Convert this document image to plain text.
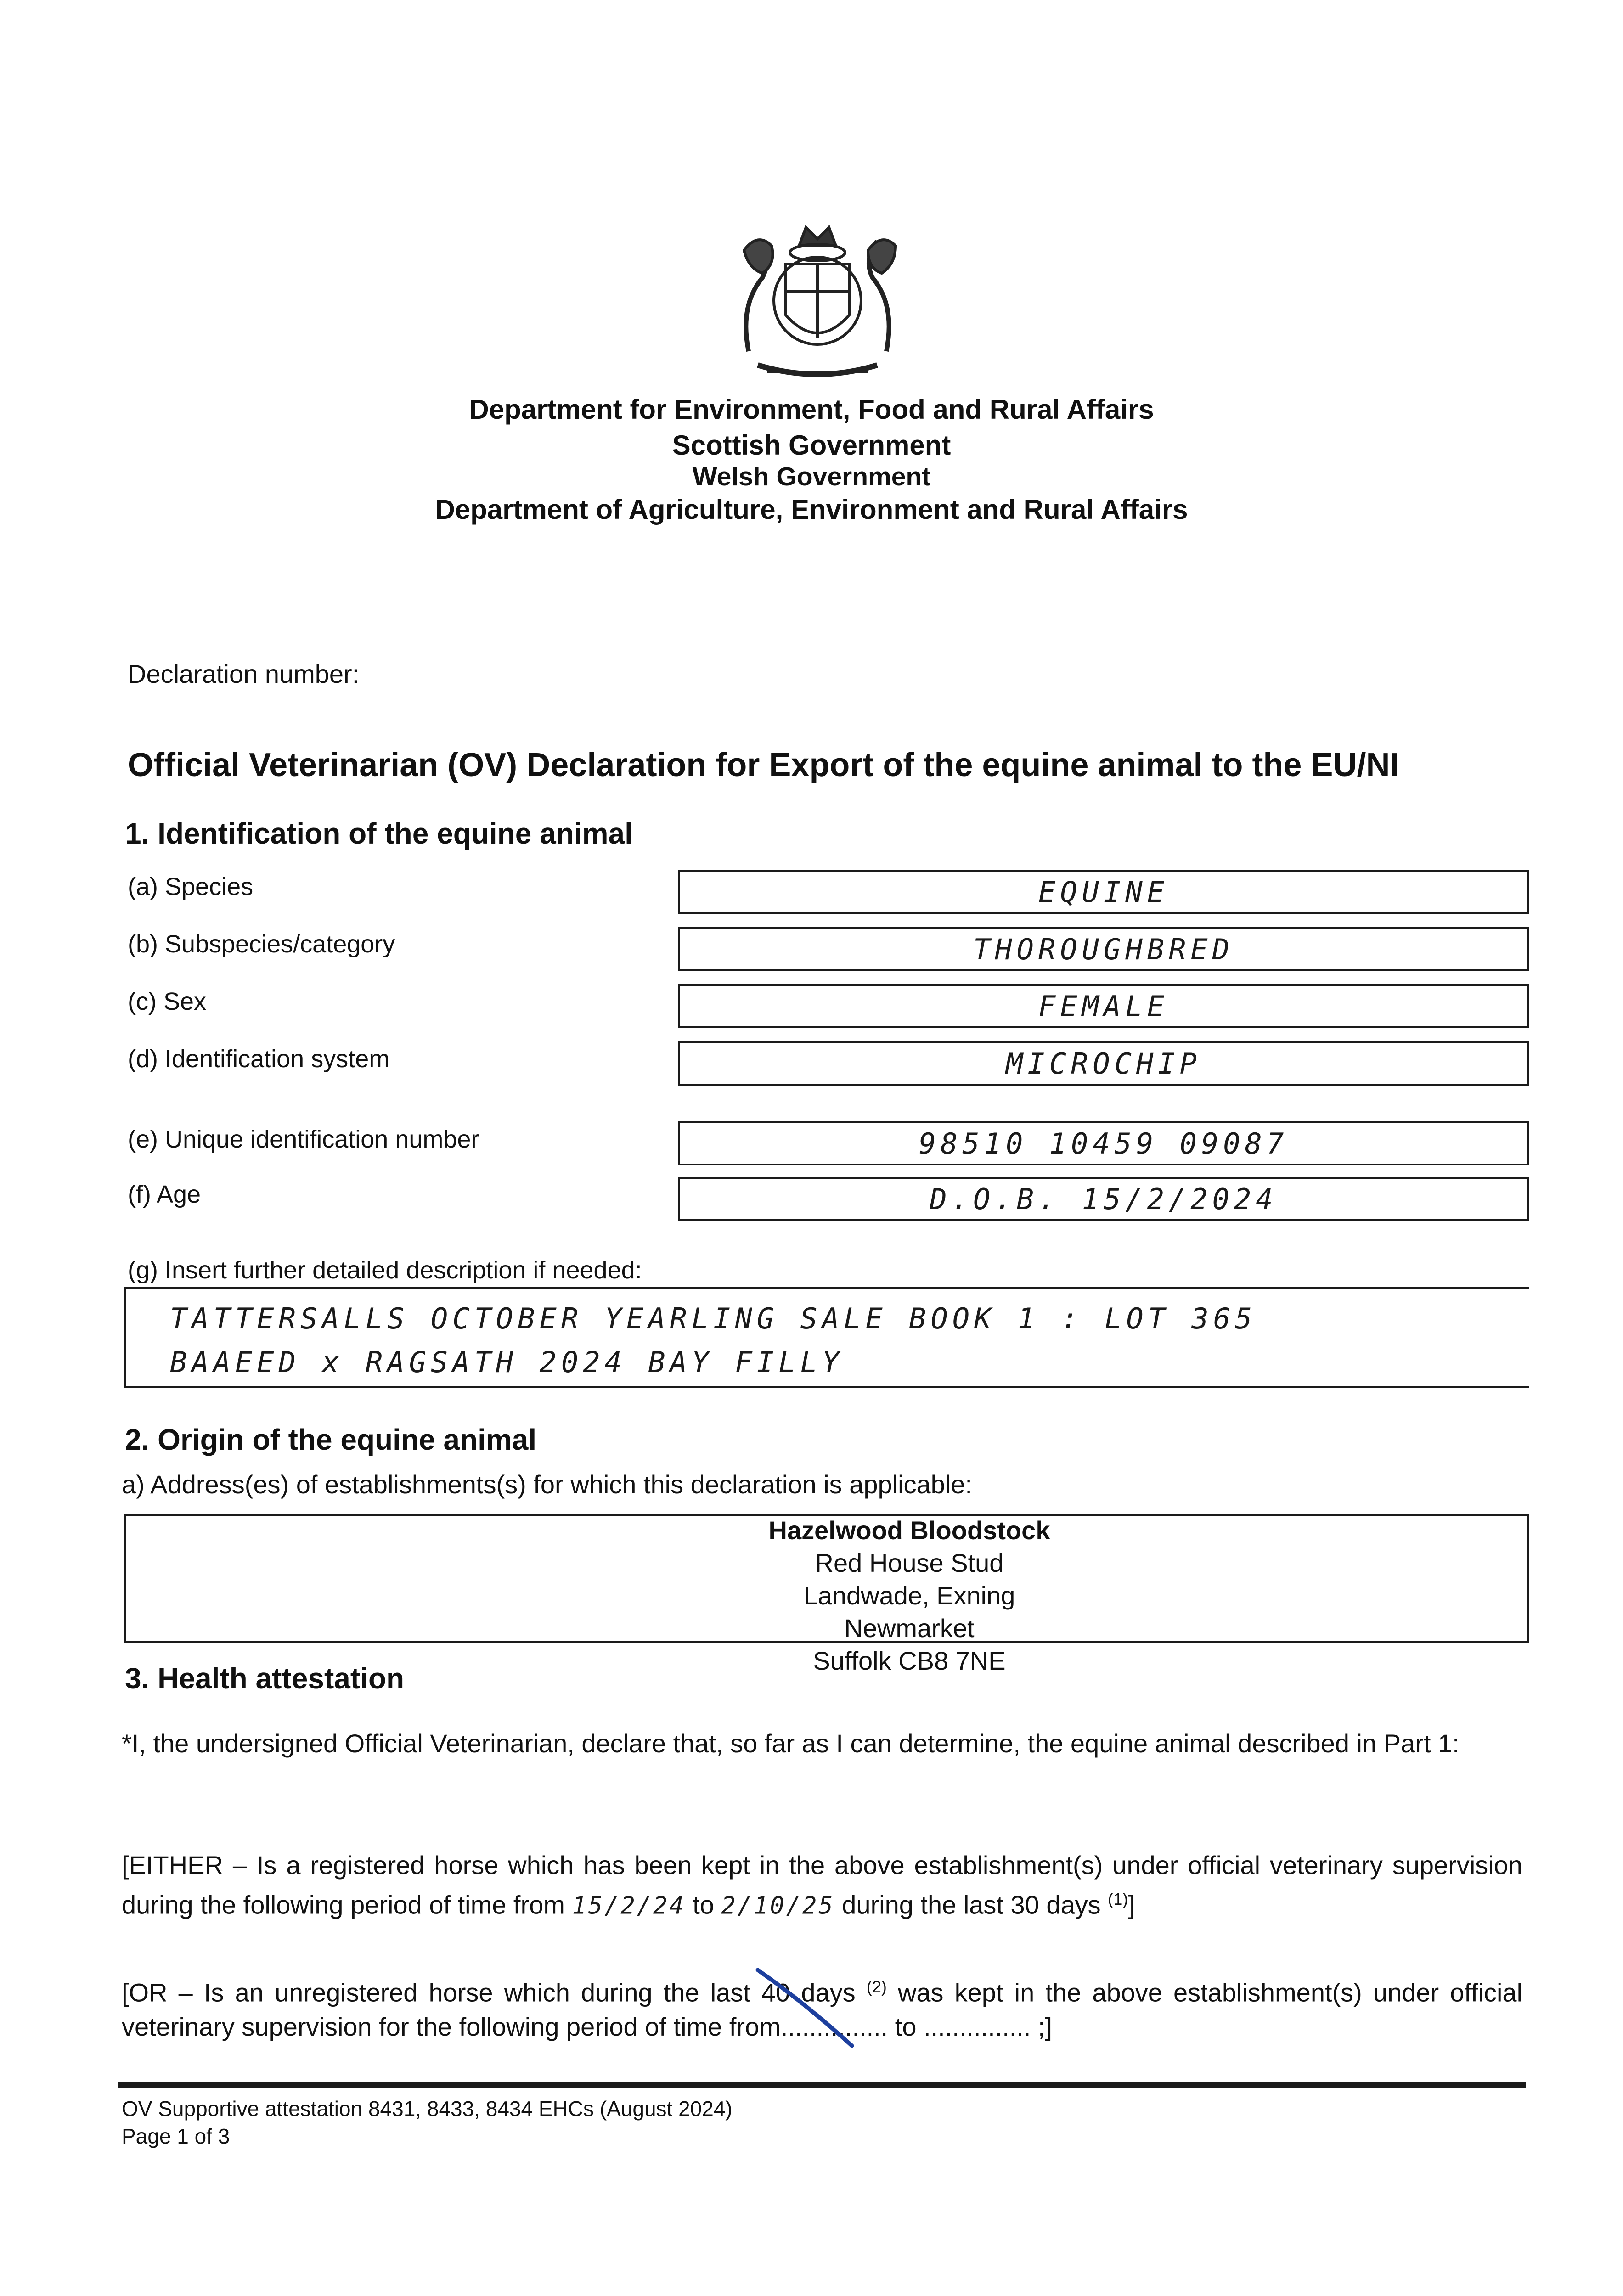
Department for Environment, Food and Rural Affairs
Scottish Government
Welsh Government
Department of Agriculture, Environment and Rural Affairs
Declaration number:
Official Veterinarian (OV) Declaration for Export of the equine animal to the EU/NI
1. Identification of the equine animal
(a) Species	EQUINE
(b) Subspecies/category	THOROUGHBRED
(c) Sex	FEMALE
(d) Identification system	MICROCHIP
(e) Unique identification number	98510 10459 09087
(f) Age	D.O.B. 15/2/2024
(g) Insert further detailed description if needed:
TATTERSALLS OCTOBER YEARLING SALE BOOK 1 : LOT 365
BAAEED x RAGSATH 2024 BAY FILLY
2. Origin of the equine animal
a) Address(es) of establishments(s) for which this declaration is applicable:
Hazelwood Bloodstock
Red House Stud
Landwade, Exning
Newmarket
Suffolk CB8 7NE
3. Health attestation
*I, the undersigned Official Veterinarian, declare that, so far as I can determine, the equine animal described in Part 1:
[EITHER – Is a registered horse which has been kept in the above establishment(s) under official veterinary supervision during the following period of time from 15/2/24 to 2/10/25 during the last 30 days $^{(1)}$]
[OR – Is an unregistered horse which during the last 40 days $^{(2)}$ was kept in the above establishment(s) under official veterinary supervision for the following period of time from............... to ............... ;]
OV Supportive attestation 8431, 8433, 8434 EHCs (August 2024)
Page 1 of 3
